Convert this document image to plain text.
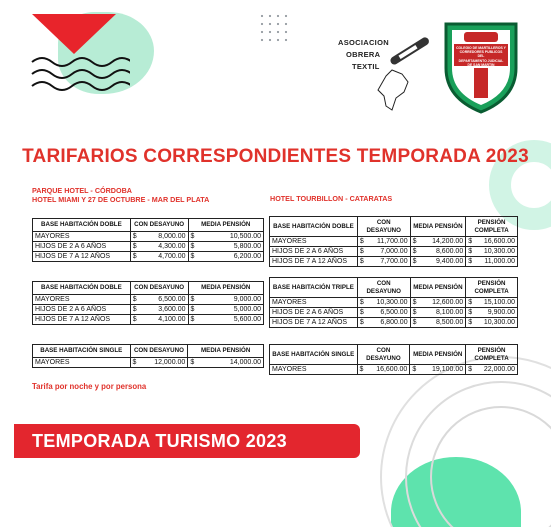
ASOCIACION
OBRERA
TEXTIL
COLEGIO DE MARTILLEROS Y
CORREDORES PUBLICOS DEL
DEPARTAMENTO JUDICIAL
DE SAN MARTIN
TARIFARIOS CORRESPONDIENTES TEMPORADA 2023
PARQUE HOTEL - CÓRDOBA
HOTEL MIAMI Y 27 DE OCTUBRE - MAR DEL PLATA	HOTEL TOURBILLON - CATARATAS
BASE HABITACIÓN DOBLE	CON DESAYUNO	MEDIA PENSIÓN
MAYORES	$ 8,000.00	$ 10,500.00
HIJOS DE 2 A 6 AÑOS	$ 4,300.00	$ 5,800.00
HIJOS DE 7 A 12 AÑOS	$ 4,700.00	$ 6,200.00
BASE HABITACIÓN DOBLE	CON DESAYUNO	MEDIA PENSIÓN
MAYORES	$ 6,500.00	$ 9,000.00
HIJOS DE 2 A 6 AÑOS	$ 3,600.00	$ 5,000.00
HIJOS DE 7 A 12 AÑOS	$ 4,100.00	$ 5,600.00
BASE HABITACIÓN SINGLE	CON DESAYUNO	MEDIA PENSIÓN
MAYORES	$ 12,000.00	$ 14,000.00
BASE HABITACIÓN DOBLE	CON DESAYUNO	MEDIA PENSIÓN	PENSIÓN COMPLETA
MAYORES	$ 11,700.00	$ 14,200.00	$ 16,600.00
HIJOS DE 2 A 6 AÑOS	$ 7,000.00	$ 8,600.00	$ 10,300.00
HIJOS DE 7 A 12 AÑOS	$ 7,700.00	$ 9,400.00	$ 11,000.00
BASE HABITACIÓN TRIPLE	CON DESAYUNO	MEDIA PENSIÓN	PENSIÓN COMPLETA
MAYORES	$ 10,300.00	$ 12,600.00	$ 15,100.00
HIJOS DE 2 A 6 AÑOS	$ 6,500.00	$ 8,100.00	$ 9,900.00
HIJOS DE 7 A 12 AÑOS	$ 6,800.00	$ 8,500.00	$ 10,300.00
BASE HABITACIÓN SINGLE	CON DESAYUNO	MEDIA PENSIÓN	PENSIÓN COMPLETA
MAYORES	$ 16,600.00	$ 19,100.00	$ 22,000.00
Tarifa por noche y por persona
TEMPORADA TURISMO 2023
